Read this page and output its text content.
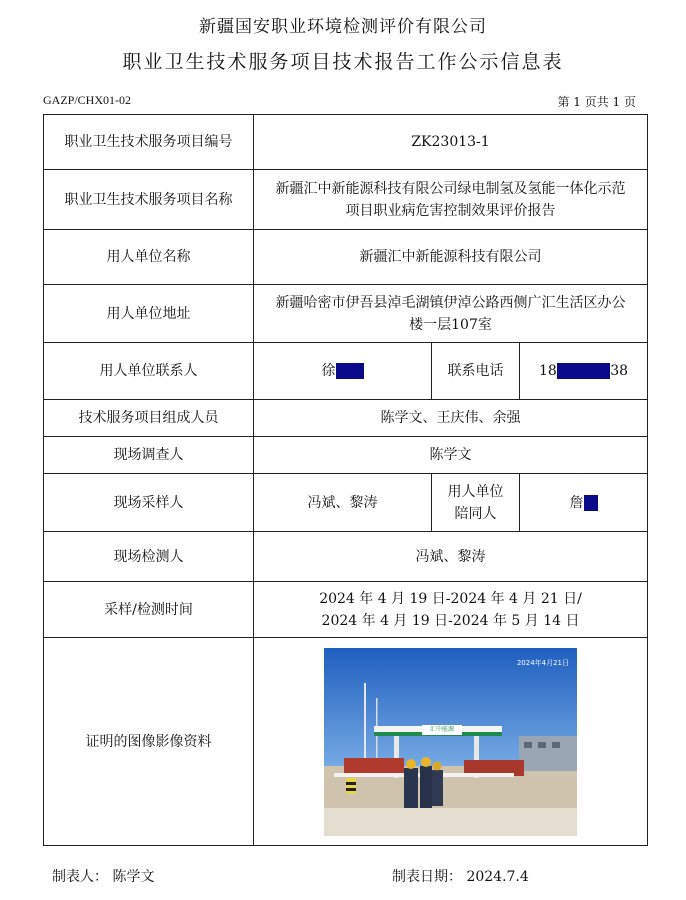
新疆国安职业环境检测评价有限公司
职业卫生技术服务项目技术报告工作公示信息表
GAZP/CHX01-02	第 1 页共 1 页
职业卫生技术服务项目编号	ZK23013-1		
职业卫生技术服务项目名称	新疆汇中新能源科技有限公司绿电制氢及氢能一体化示范项目职业病危害控制效果评价报告		
用人单位名称	新疆汇中新能源科技有限公司		
用人单位地址	新疆哈密市伊吾县淖毛湖镇伊淖公路西侧广汇生活区办公楼一层107室		
用人单位联系人	徐某某	联系电话	1800000038
技术服务项目组成人员	陈学文、王庆伟、余强		
现场调查人	陈学文		
现场采样人	冯斌、黎涛	用人单位陪同人	詹某
现场检测人	冯斌、黎涛		
采样/检测时间	2024 年 4 月 19 日-2024 年 4 月 21 日/
2024 年 4 月 19 日-2024 年 5 月 14 日		

证明的图像影像资料	2024年4月21日
汇中能源		
制表人： 陈学文	制表日期： 2024.7.4
